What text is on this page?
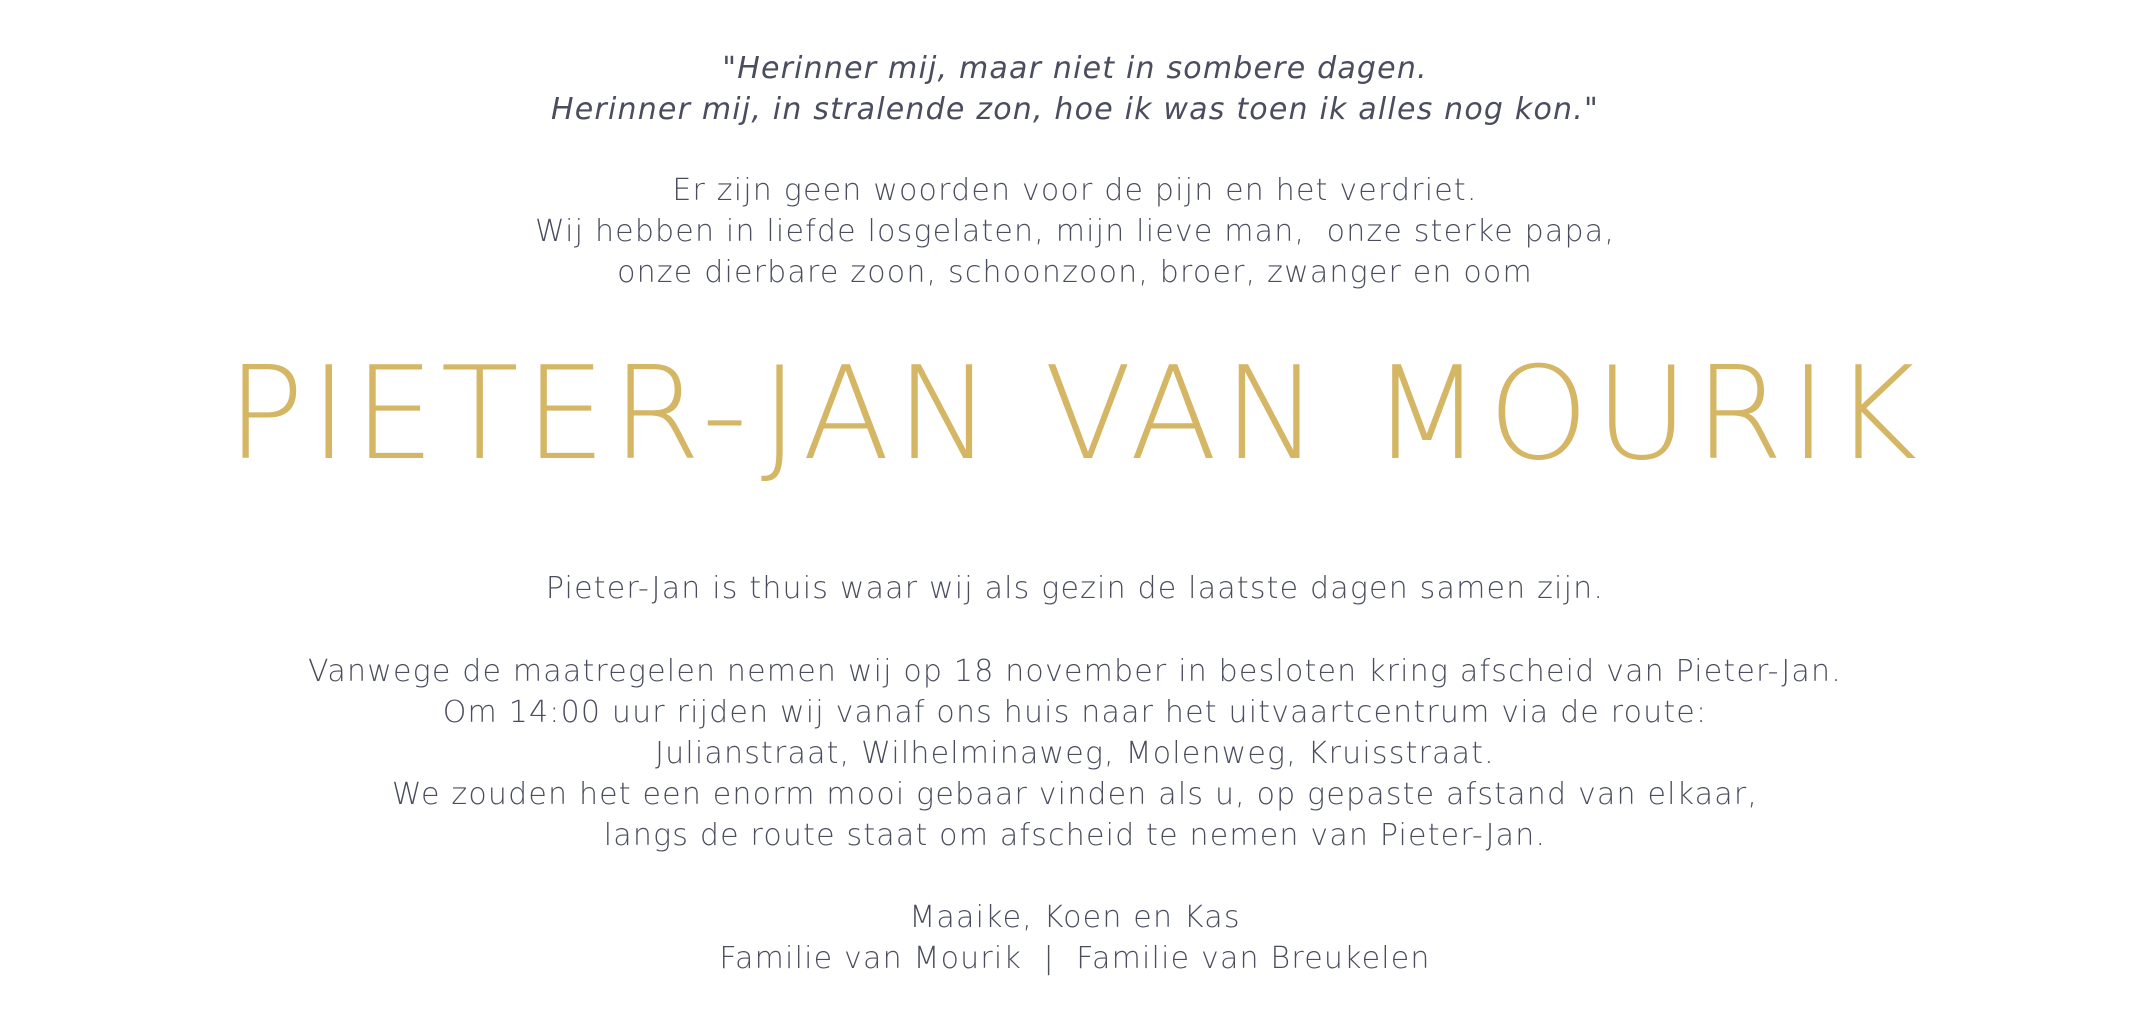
"Herinner mij, maar niet in sombere dagen.
Herinner mij, in stralende zon, hoe ik was toen ik alles nog kon."
Er zijn geen woorden voor de pijn en het verdriet.
Wij hebben in liefde losgelaten, mijn lieve man,  onze sterke papa,
onze dierbare zoon, schoonzoon, broer, zwanger en oom
PIETER-JAN VAN MOURIK
Pieter-Jan is thuis waar wij als gezin de laatste dagen samen zijn.
Vanwege de maatregelen nemen wij op 18 november in besloten kring afscheid van Pieter-Jan.
Om 14:00 uur rijden wij vanaf ons huis naar het uitvaartcentrum via de route:
Julianstraat, Wilhelminaweg, Molenweg, Kruisstraat.
We zouden het een enorm mooi gebaar vinden als u, op gepaste afstand van elkaar,
langs de route staat om afscheid te nemen van Pieter-Jan.
Maaike, Koen en Kas
Familie van Mourik  |  Familie van Breukelen
